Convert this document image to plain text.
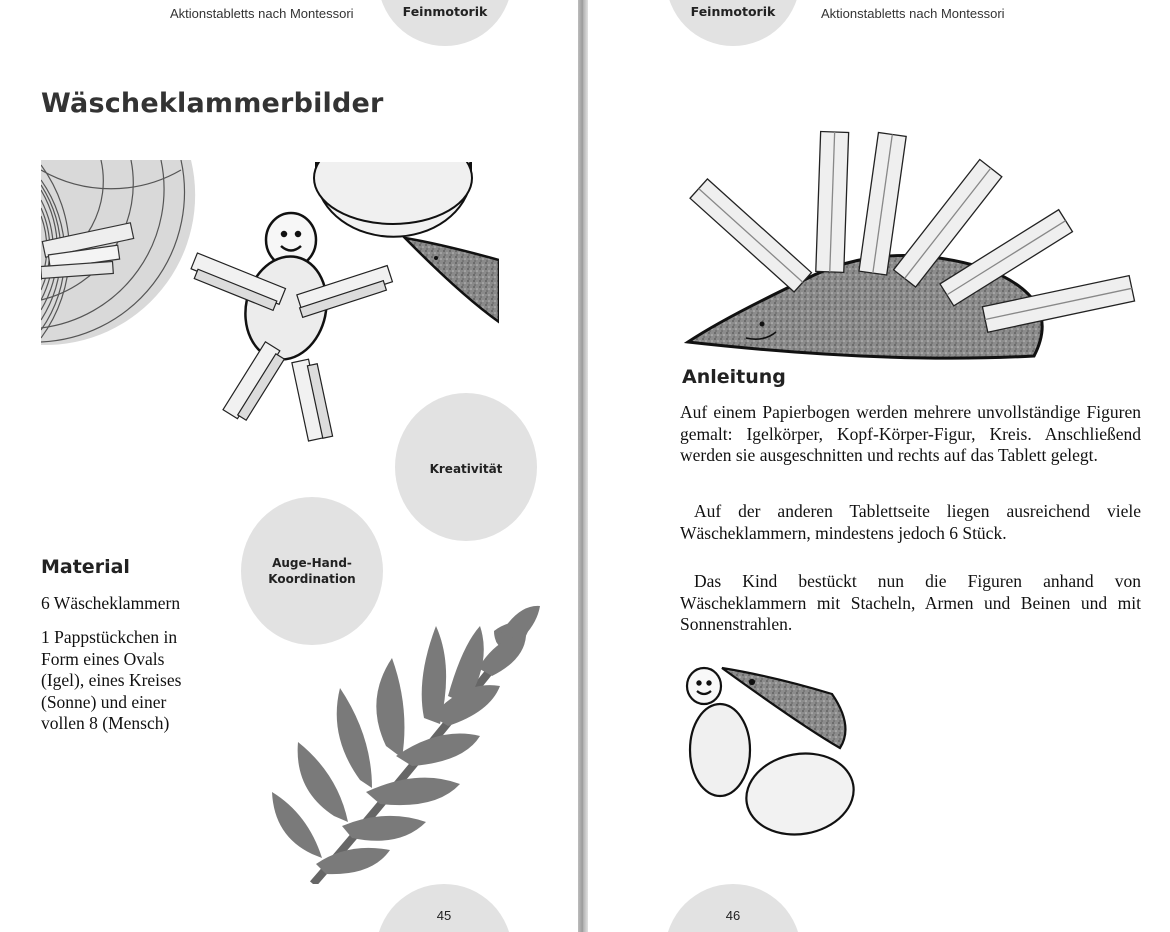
Feinmotorik
Aktionstabletts nach Montessori
Wäscheklammerbilder
Kreativität
Auge-Hand-
Koordination
Material

6 Wäscheklammern

1 Pappstückchen in Form eines Ovals (Igel), eines Kreises (Sonne) und einer vollen 8 (Mensch)

45
Feinmotorik	Aktionstabletts nach Montessori
Anleitung

Auf einem Papierbogen werden mehrere unvollständige Figuren gemalt: Igelkörper, Kopf-Körper-Figur, Kreis. Anschließend werden sie ausgeschnitten und rechts auf das Tablett gelegt.

Auf der anderen Tablettseite liegen ausreichend viele Wäscheklammern, mindestens jedoch 6 Stück.

Das Kind bestückt nun die Figuren anhand von Wäscheklammern mit Stacheln, Armen und Beinen und mit Sonnenstrahlen.

46
